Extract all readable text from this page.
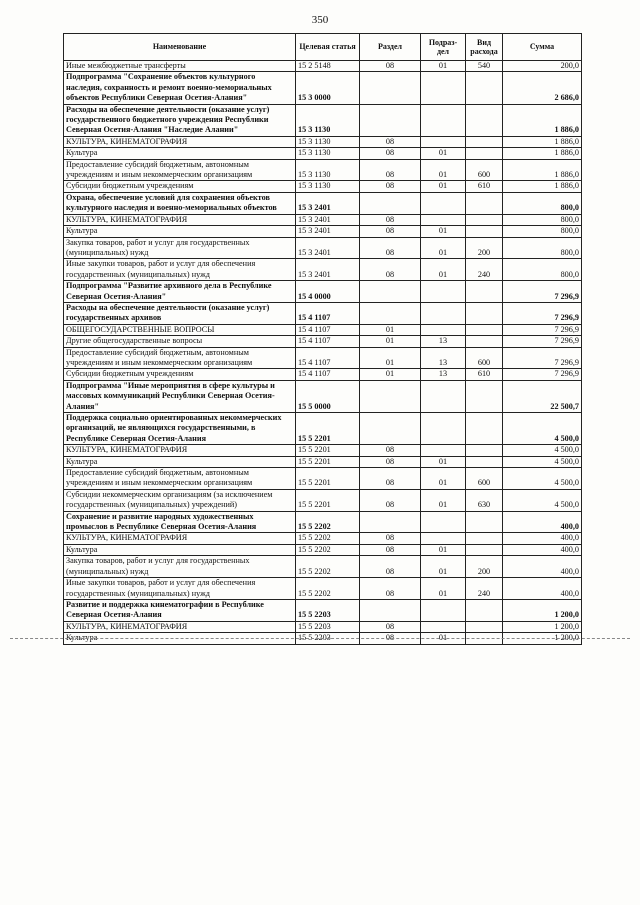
350
Наименование	Целевая статья	Раздел	Подраз-дел	Вид расхода	Сумма
Иные межбюджетные трансферты	15 2 5148	08	01	540	200,0
Подпрограмма "Сохранение объектов культурного наследия, сохранность и ремонт военно-мемориальных объектов Республики Северная Осетия-Алания"	15 3 0000				2 686,0
Расходы на обеспечение деятельности (оказание услуг) государственного бюджетного учреждения Республики Северная Осетия-Алания "Наследие Алании"	15 3 1130				1 886,0
КУЛЬТУРА, КИНЕМАТОГРАФИЯ	15 3 1130	08			1 886,0
Культура	15 3 1130	08	01		1 886,0
Предоставление субсидий бюджетным, автономным учреждениям и иным некоммерческим организациям	15 3 1130	08	01	600	1 886,0
Субсидии бюджетным учреждениям	15 3 1130	08	01	610	1 886,0
Охрана, обеспечение условий для сохранения объектов культурного наследия и военно-мемориальных объектов	15 3 2401				800,0
КУЛЬТУРА, КИНЕМАТОГРАФИЯ	15 3 2401	08			800,0
Культура	15 3 2401	08	01		800,0
Закупка товаров, работ и услуг для государственных (муниципальных) нужд	15 3 2401	08	01	200	800,0
Иные закупки товаров, работ и услуг для обеспечения государственных (муниципальных) нужд	15 3 2401	08	01	240	800,0
Подпрограмма "Развитие архивного дела в Республике Северная Осетия-Алания"	15 4 0000				7 296,9
Расходы на обеспечение деятельности (оказание услуг) государственных архивов	15 4 1107				7 296,9
ОБЩЕГОСУДАРСТВЕННЫЕ ВОПРОСЫ	15 4 1107	01			7 296,9
Другие общегосударственные вопросы	15 4 1107	01	13		7 296,9
Предоставление субсидий бюджетным, автономным учреждениям и иным некоммерческим организациям	15 4 1107	01	13	600	7 296,9
Субсидии бюджетным учреждениям	15 4 1107	01	13	610	7 296,9
Подпрограмма "Иные мероприятия в сфере культуры и массовых коммуникаций Республики Северная Осетия-Алания"	15 5 0000				22 500,7
Поддержка социально ориентированных некоммерческих организаций, не являющихся государственными, в Республике Северная Осетия-Алания	15 5 2201				4 500,0
КУЛЬТУРА, КИНЕМАТОГРАФИЯ	15 5 2201	08			4 500,0
Культура	15 5 2201	08	01		4 500,0
Предоставление субсидий бюджетным, автономным учреждениям и иным некоммерческим организациям	15 5 2201	08	01	600	4 500,0
Субсидии некоммерческим организациям (за исключением государственных (муниципальных) учреждений)	15 5 2201	08	01	630	4 500,0
Сохранение и развитие народных художественных промыслов в Республике Северная Осетия-Алания	15 5 2202				400,0
КУЛЬТУРА, КИНЕМАТОГРАФИЯ	15 5 2202	08			400,0
Культура	15 5 2202	08	01		400,0
Закупка товаров, работ и услуг для государственных (муниципальных) нужд	15 5 2202	08	01	200	400,0
Иные закупки товаров, работ и услуг для обеспечения государственных (муниципальных) нужд	15 5 2202	08	01	240	400,0
Развитие и поддержка кинематографии в Республике Северная Осетия-Алания	15 5 2203				1 200,0
КУЛЬТУРА, КИНЕМАТОГРАФИЯ	15 5 2203	08			1 200,0
Культура	15 5 2203	08	01		1 200,0
